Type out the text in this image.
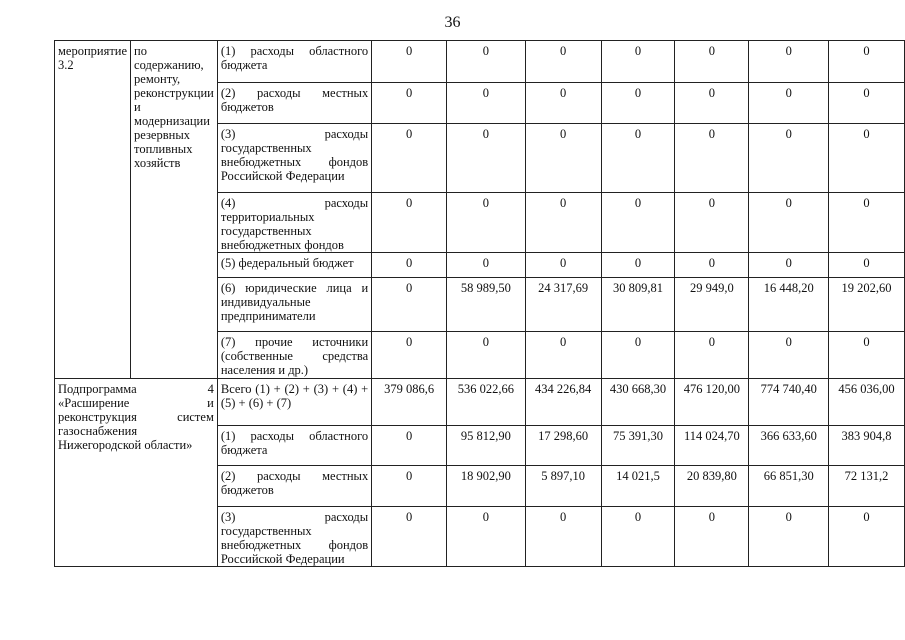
36
мероприятие 3.2	по содержанию, ремонту, реконструкции и модернизации резервных топливных хозяйств	(1) расходы областного бюджета	0	0	0	0	0	0	0
		(2) расходы местных бюджетов	0	0	0	0	0	0	0
		(3) расходы государственных внебюджетных фондов Российской Федерации	0	0	0	0	0	0	0
		(4) расходы территориальных государственных внебюджетных фондов	0	0	0	0	0	0	0
		(5) федеральный бюджет	0	0	0	0	0	0	0
		(6) юридические лица и индивидуальные предприниматели	0	58 989,50	24 317,69	30 809,81	29 949,0	16 448,20	19 202,60
		(7) прочие источники (собственные средства населения и др.)	0	0	0	0	0	0	0
Подпрограмма 4 «Расширение и реконструкция систем газоснабжения Нижегородской области»		Всего (1) + (2) + (3) + (4) + (5) + (6) + (7)	379 086,6	536 022,66	434 226,84	430 668,30	476 120,00	774 740,40	456 036,00
		(1) расходы областного бюджета	0	95 812,90	17 298,60	75 391,30	114 024,70	366 633,60	383 904,8
		(2) расходы местных бюджетов	0	18 902,90	5 897,10	14 021,5	20 839,80	66 851,30	72 131,2
		(3) расходы государственных внебюджетных фондов Российской Федерации	0	0	0	0	0	0	0
